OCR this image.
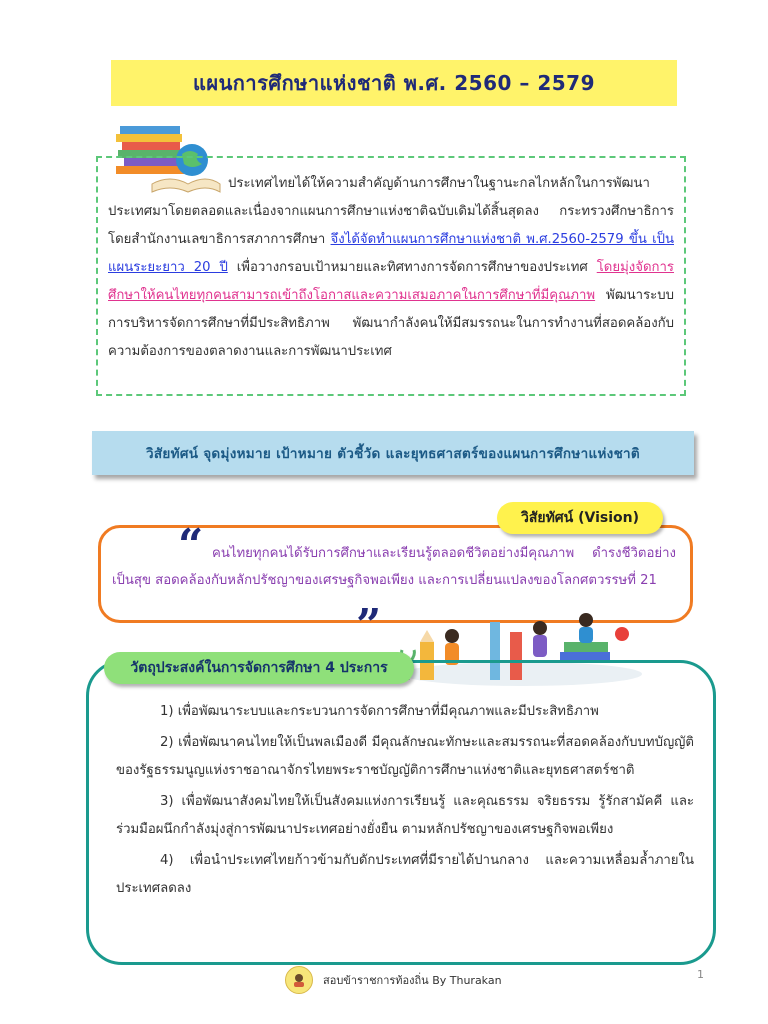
แผนการศึกษาแห่งชาติ พ.ศ. 2560 – 2579

ประเทศไทยได้ให้ความสำคัญด้านการศึกษาในฐานะกลไกหลักในการพัฒนาประเทศมาโดยตลอดและเนื่องจากแผนการศึกษาแห่งชาติฉบับเดิมได้สิ้นสุดลง กระทรวงศึกษาธิการ โดยสำนักงานเลขาธิการสภาการศึกษา จึงได้จัดทำแผนการศึกษาแห่งชาติ พ.ศ.2560-2579 ขึ้น เป็นแผนระยะยาว 20 ปี เพื่อวางกรอบเป้าหมายและทิศทางการจัดการศึกษาของประเทศ โดยมุ่งจัดการศึกษาให้คนไทยทุกคนสามารถเข้าถึงโอกาสและความเสมอภาคในการศึกษาที่มีคุณภาพ พัฒนาระบบการบริหารจัดการศึกษาที่มีประสิทธิภาพ พัฒนากำลังคนให้มีสมรรถนะในการทำงานที่สอดคล้องกับความต้องการของตลาดงานและการพัฒนาประเทศ

วิสัยทัศน์ จุดมุ่งหมาย เป้าหมาย ตัวชี้วัด และยุทธศาสตร์ของแผนการศึกษาแห่งชาติ
วิสัยทัศน์ (Vision)
“ คนไทยทุกคนได้รับการศึกษาและเรียนรู้ตลอดชีวิตอย่างมีคุณภาพ ดำรงชีวิตอย่างเป็นสุข สอดคล้องกับหลักปรัชญาของเศรษฐกิจพอเพียง และการเปลี่ยนแปลงของโลกศตวรรษที่ 21

”
วัตถุประสงค์ในการจัดการศึกษา 4 ประการ
1) เพื่อพัฒนาระบบและกระบวนการจัดการศึกษาที่มีคุณภาพและมีประสิทธิภาพ
2) เพื่อพัฒนาคนไทยให้เป็นพลเมืองดี มีคุณลักษณะทักษะและสมรรถนะที่สอดคล้องกับบทบัญญัติของรัฐธรรมนูญแห่งราชอาณาจักรไทยพระราชบัญญัติการศึกษาแห่งชาติและยุทธศาสตร์ชาติ
3) เพื่อพัฒนาสังคมไทยให้เป็นสังคมแห่งการเรียนรู้ และคุณธรรม จริยธรรม รู้รักสามัคคี และร่วมมือผนึกกำลังมุ่งสู่การพัฒนาประเทศอย่างยั่งยืน ตามหลักปรัชญาของเศรษฐกิจพอเพียง
4) เพื่อนำประเทศไทยก้าวข้ามกับดักประเทศที่มีรายได้ปานกลาง และความเหลื่อมล้ำภายในประเทศลดลง
สอบข้าราชการท้องถิ่น By Thurakan	1
